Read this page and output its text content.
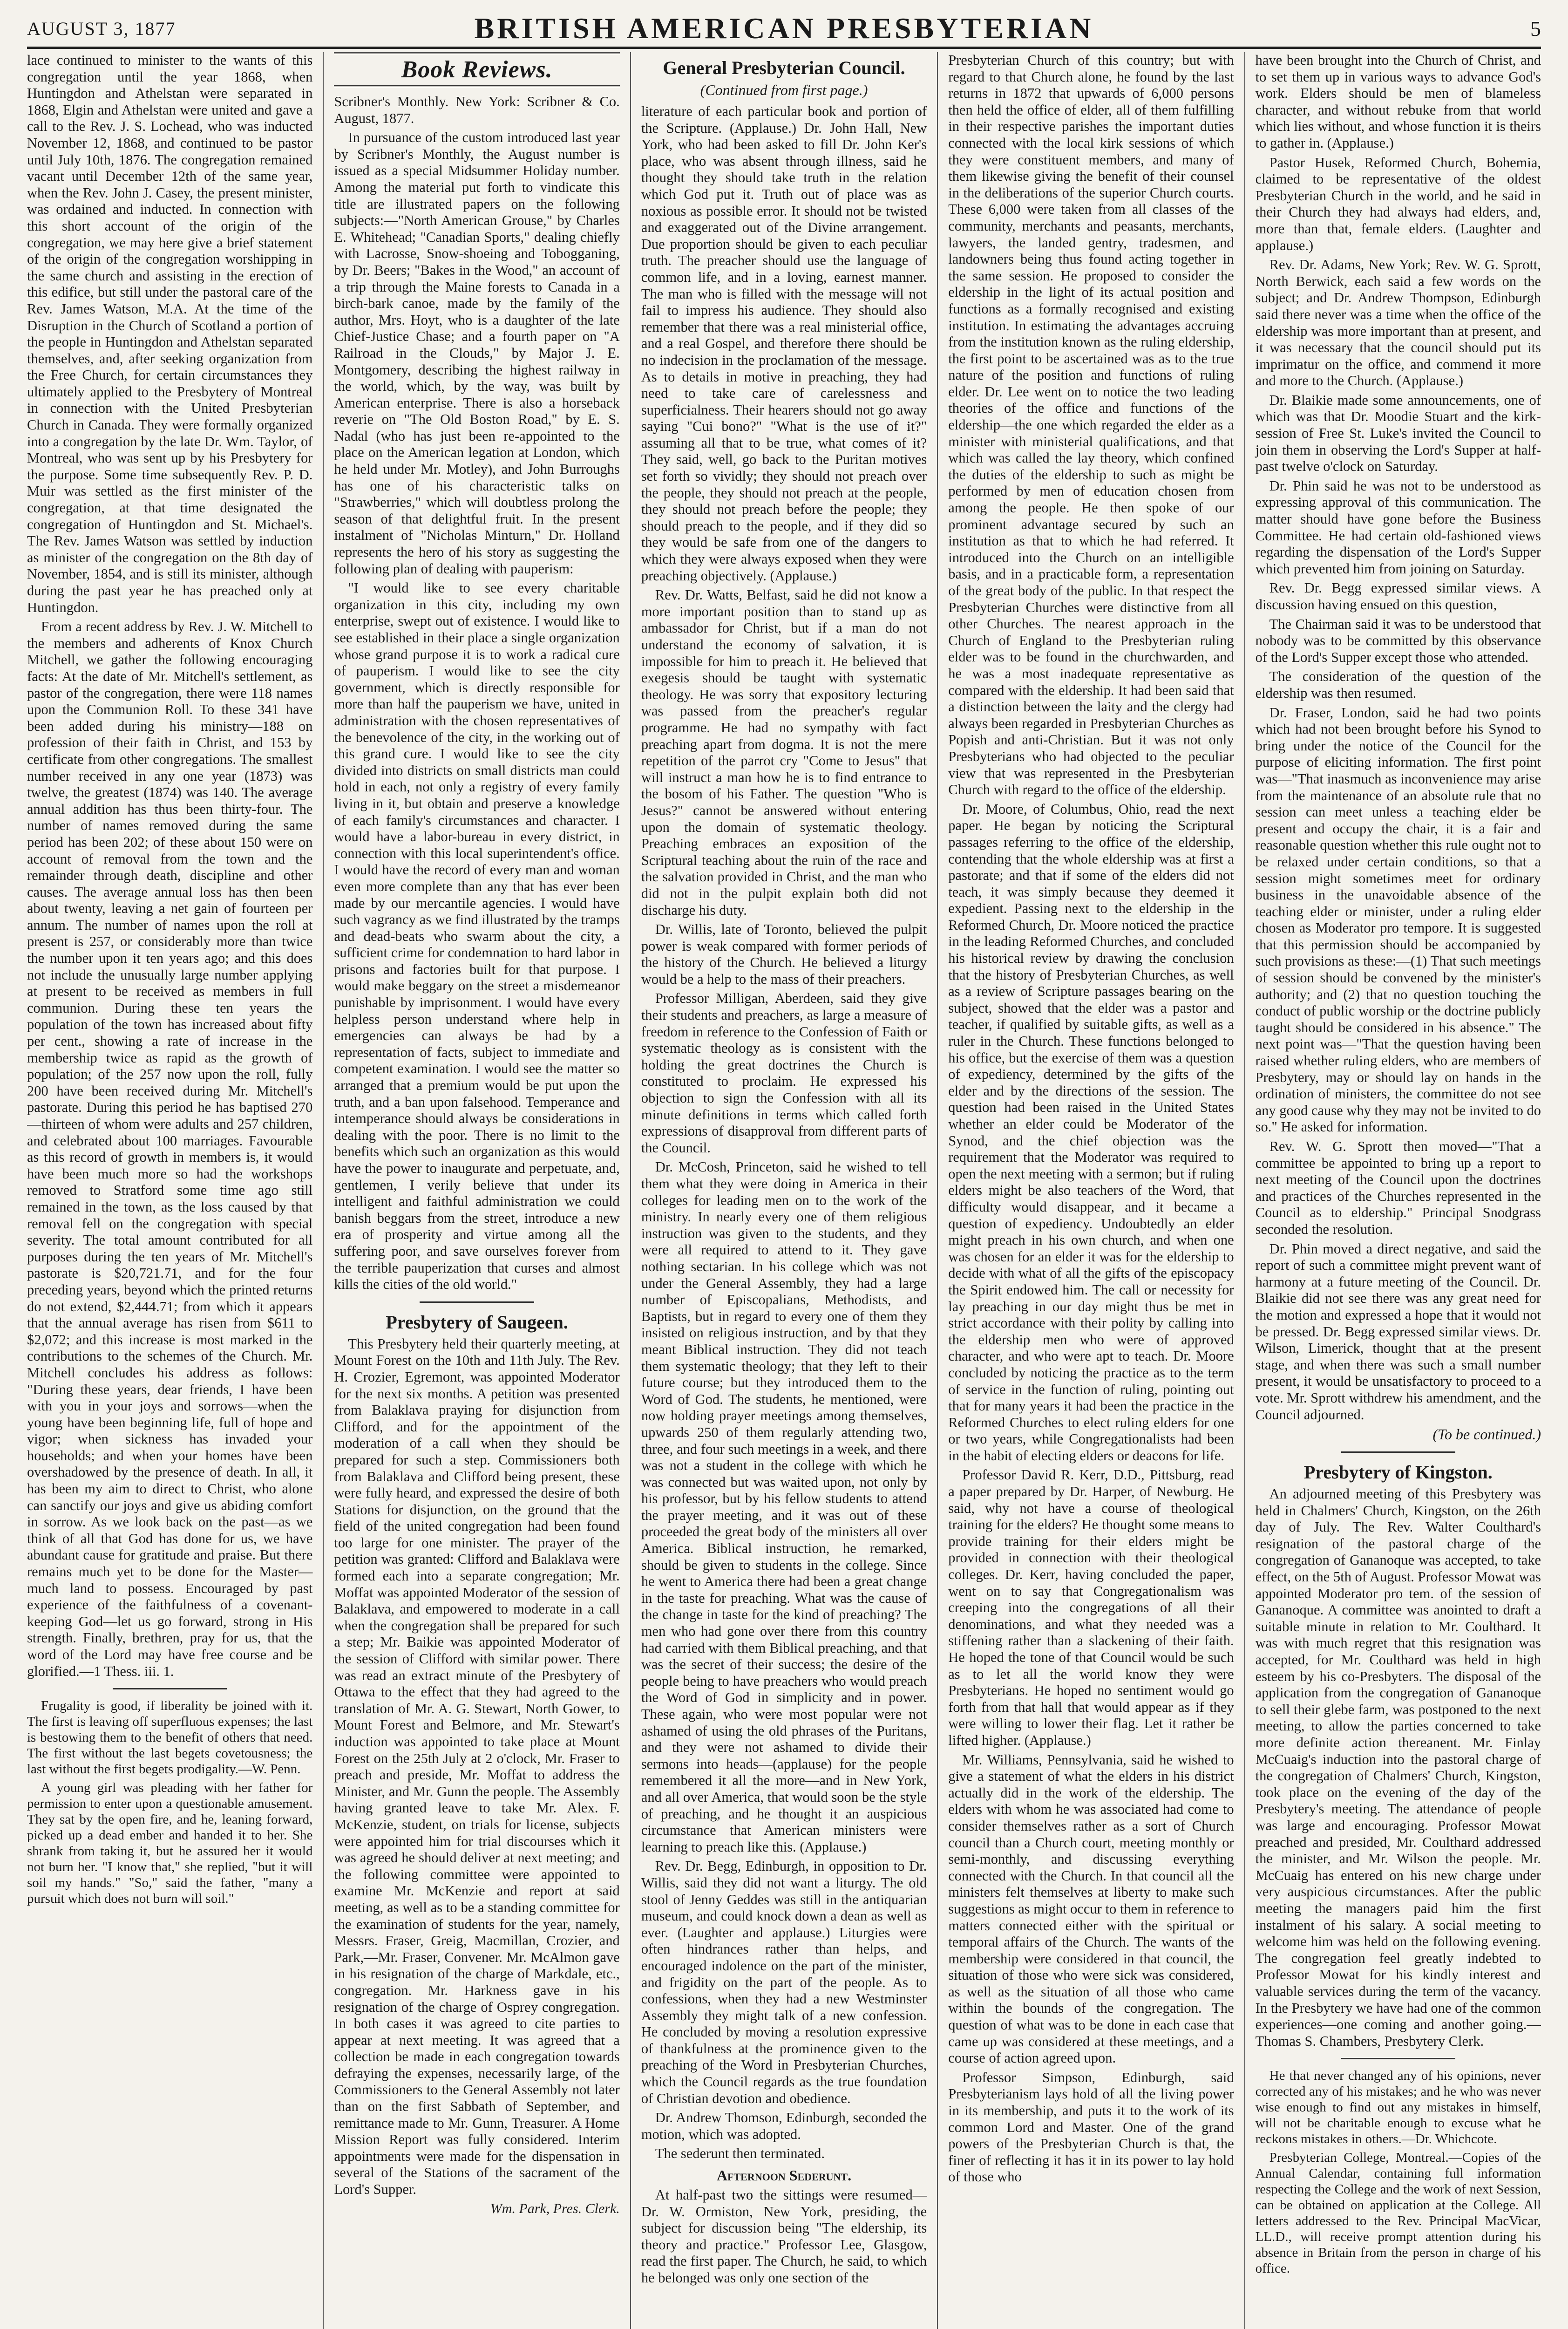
AUGUST 3, 1877	BRITISH AMERICAN PRESBYTERIAN	5

lace continued to minister to the wants of this congregation until the year 1868, when Huntingdon and Athelstan were separated in 1868, Elgin and Athelstan were united and gave a call to the Rev. J. S. Lochead, who was inducted November 12, 1868, and continued to be pastor until July 10th, 1876. The congregation remained vacant until December 12th of the same year, when the Rev. John J. Casey, the present minister, was ordained and inducted. In connection with this short account of the origin of the congregation, we may here give a brief statement of the origin of the congregation worshipping in the same church and assisting in the erection of this edifice, but still under the pastoral care of the Rev. James Watson, M.A. At the time of the Disruption in the Church of Scotland a portion of the people in Huntingdon and Athelstan separated themselves, and, after seeking organization from the Free Church, for certain circumstances they ultimately applied to the Presbytery of Montreal in connection with the United Presbyterian Church in Canada. They were formally organized into a congregation by the late Dr. Wm. Taylor, of Montreal, who was sent up by his Presbytery for the purpose. Some time subsequently Rev. P. D. Muir was settled as the first minister of the congregation, at that time designated the congregation of Huntingdon and St. Michael's. The Rev. James Watson was settled by induction as minister of the congregation on the 8th day of November, 1854, and is still its minister, although during the past year he has preached only at Huntingdon.

From a recent address by Rev. J. W. Mitchell to the members and adherents of Knox Church Mitchell, we gather the following encouraging facts: At the date of Mr. Mitchell's settlement, as pastor of the congregation, there were 118 names upon the Communion Roll. To these 341 have been added during his ministry—188 on profession of their faith in Christ, and 153 by certificate from other congregations. The smallest number received in any one year (1873) was twelve, the greatest (1874) was 140. The average annual addition has thus been thirty-four. The number of names removed during the same period has been 202; of these about 150 were on account of removal from the town and the remainder through death, discipline and other causes. The average annual loss has then been about twenty, leaving a net gain of fourteen per annum. The number of names upon the roll at present is 257, or considerably more than twice the number upon it ten years ago; and this does not include the unusually large number applying at present to be received as members in full communion. During these ten years the population of the town has increased about fifty per cent., showing a rate of increase in the membership twice as rapid as the growth of population; of the 257 now upon the roll, fully 200 have been received during Mr. Mitchell's pastorate. During this period he has baptised 270—thirteen of whom were adults and 257 children, and celebrated about 100 marriages. Favourable as this record of growth in members is, it would have been much more so had the workshops removed to Stratford some time ago still remained in the town, as the loss caused by that removal fell on the congregation with special severity. The total amount contributed for all purposes during the ten years of Mr. Mitchell's pastorate is $20,721.71, and for the four preceding years, beyond which the printed returns do not extend, $2,444.71; from which it appears that the annual average has risen from $611 to $2,072; and this increase is most marked in the contributions to the schemes of the Church. Mr. Mitchell concludes his address as follows: "During these years, dear friends, I have been with you in your joys and sorrows—when the young have been beginning life, full of hope and vigor; when sickness has invaded your households; and when your homes have been overshadowed by the presence of death. In all, it has been my aim to direct to Christ, who alone can sanctify our joys and give us abiding comfort in sorrow. As we look back on the past—as we think of all that God has done for us, we have abundant cause for gratitude and praise. But there remains much yet to be done for the Master—much land to possess. Encouraged by past experience of the faithfulness of a covenant-keeping God—let us go forward, strong in His strength. Finally, brethren, pray for us, that the word of the Lord may have free course and be glorified.—1 Thess. iii. 1.

Frugality is good, if liberality be joined with it. The first is leaving off superfluous expenses; the last is bestowing them to the benefit of others that need. The first without the last begets covetousness; the last without the first begets prodigality.—W. Penn.

A young girl was pleading with her father for permission to enter upon a questionable amusement. They sat by the open fire, and he, leaning forward, picked up a dead ember and handed it to her. She shrank from taking it, but he assured her it would not burn her. "I know that," she replied, "but it will soil my hands." "So," said the father, "many a pursuit which does not burn will soil."

Book Reviews.

Scribner's Monthly. New York: Scribner & Co. August, 1877.

In pursuance of the custom introduced last year by Scribner's Monthly, the August number is issued as a special Midsummer Holiday number. Among the material put forth to vindicate this title are illustrated papers on the following subjects:—"North American Grouse," by Charles E. Whitehead; "Canadian Sports," dealing chiefly with Lacrosse, Snow-shoeing and Tobogganing, by Dr. Beers; "Bakes in the Wood," an account of a trip through the Maine forests to Canada in a birch-bark canoe, made by the family of the author, Mrs. Hoyt, who is a daughter of the late Chief-Justice Chase; and a fourth paper on "A Railroad in the Clouds," by Major J. E. Montgomery, describing the highest railway in the world, which, by the way, was built by American enterprise. There is also a horseback reverie on "The Old Boston Road," by E. S. Nadal (who has just been re-appointed to the place on the American legation at London, which he held under Mr. Motley), and John Burroughs has one of his characteristic talks on "Strawberries," which will doubtless prolong the season of that delightful fruit. In the present instalment of "Nicholas Minturn," Dr. Holland represents the hero of his story as suggesting the following plan of dealing with pauperism:

"I would like to see every charitable organization in this city, including my own enterprise, swept out of existence. I would like to see established in their place a single organization whose grand purpose it is to work a radical cure of pauperism. I would like to see the city government, which is directly responsible for more than half the pauperism we have, united in administration with the chosen representatives of the benevolence of the city, in the working out of this grand cure. I would like to see the city divided into districts on small districts man could hold in each, not only a registry of every family living in it, but obtain and preserve a knowledge of each family's circumstances and character. I would have a labor-bureau in every district, in connection with this local superintendent's office. I would have the record of every man and woman even more complete than any that has ever been made by our mercantile agencies. I would have such vagrancy as we find illustrated by the tramps and dead-beats who swarm about the city, a sufficient crime for condemnation to hard labor in prisons and factories built for that purpose. I would make beggary on the street a misdemeanor punishable by imprisonment. I would have every helpless person understand where help in emergencies can always be had by a representation of facts, subject to immediate and competent examination. I would see the matter so arranged that a premium would be put upon the truth, and a ban upon falsehood. Temperance and intemperance should always be considerations in dealing with the poor. There is no limit to the benefits which such an organization as this would have the power to inaugurate and perpetuate, and, gentlemen, I verily believe that under its intelligent and faithful administration we could banish beggars from the street, introduce a new era of prosperity and virtue among all the suffering poor, and save ourselves forever from the terrible pauperization that curses and almost kills the cities of the old world."

Presbytery of Saugeen.

This Presbytery held their quarterly meeting, at Mount Forest on the 10th and 11th July. The Rev. H. Crozier, Egremont, was appointed Moderator for the next six months. A petition was presented from Balaklava praying for disjunction from Clifford, and for the appointment of the moderation of a call when they should be prepared for such a step. Commissioners both from Balaklava and Clifford being present, these were fully heard, and expressed the desire of both Stations for disjunction, on the ground that the field of the united congregation had been found too large for one minister. The prayer of the petition was granted: Clifford and Balaklava were formed each into a separate congregation; Mr. Moffat was appointed Moderator of the session of Balaklava, and empowered to moderate in a call when the congregation shall be prepared for such a step; Mr. Baikie was appointed Moderator of the session of Clifford with similar power. There was read an extract minute of the Presbytery of Ottawa to the effect that they had agreed to the translation of Mr. A. G. Stewart, North Gower, to Mount Forest and Belmore, and Mr. Stewart's induction was appointed to take place at Mount Forest on the 25th July at 2 o'clock, Mr. Fraser to preach and preside, Mr. Moffat to address the Minister, and Mr. Gunn the people. The Assembly having granted leave to take Mr. Alex. F. McKenzie, student, on trials for license, subjects were appointed him for trial discourses which it was agreed he should deliver at next meeting; and the following committee were appointed to examine Mr. McKenzie and report at said meeting, as well as to be a standing committee for the examination of students for the year, namely, Messrs. Fraser, Greig, Macmillan, Crozier, and Park,—Mr. Fraser, Convener. Mr. McAlmon gave in his resignation of the charge of Markdale, etc., congregation. Mr. Harkness gave in his resignation of the charge of Osprey congregation. In both cases it was agreed to cite parties to appear at next meeting. It was agreed that a collection be made in each congregation towards defraying the expenses, necessarily large, of the Commissioners to the General Assembly not later than on the first Sabbath of September, and remittance made to Mr. Gunn, Treasurer. A Home Mission Report was fully considered. Interim appointments were made for the dispensation in several of the Stations of the sacrament of the Lord's Supper.

Wm. Park, Pres. Clerk.
General Presbyterian Council.
(Continued from first page.)

literature of each particular book and portion of the Scripture. (Applause.) Dr. John Hall, New York, who had been asked to fill Dr. John Ker's place, who was absent through illness, said he thought they should take truth in the relation which God put it. Truth out of place was as noxious as possible error. It should not be twisted and exaggerated out of the Divine arrangement. Due proportion should be given to each peculiar truth. The preacher should use the language of common life, and in a loving, earnest manner. The man who is filled with the message will not fail to impress his audience. They should also remember that there was a real ministerial office, and a real Gospel, and therefore there should be no indecision in the proclamation of the message. As to details in motive in preaching, they had need to take care of carelessness and superficialness. Their hearers should not go away saying "Cui bono?" "What is the use of it?" assuming all that to be true, what comes of it? They said, well, go back to the Puritan motives set forth so vividly; they should not preach over the people, they should not preach at the people, they should not preach before the people; they should preach to the people, and if they did so they would be safe from one of the dangers to which they were always exposed when they were preaching objectively. (Applause.)

Rev. Dr. Watts, Belfast, said he did not know a more important position than to stand up as ambassador for Christ, but if a man do not understand the economy of salvation, it is impossible for him to preach it. He believed that exegesis should be taught with systematic theology. He was sorry that expository lecturing was passed from the preacher's regular programme. He had no sympathy with fact preaching apart from dogma. It is not the mere repetition of the parrot cry "Come to Jesus" that will instruct a man how he is to find entrance to the bosom of his Father. The question "Who is Jesus?" cannot be answered without entering upon the domain of systematic theology. Preaching embraces an exposition of the Scriptural teaching about the ruin of the race and the salvation provided in Christ, and the man who did not in the pulpit explain both did not discharge his duty.

Dr. Willis, late of Toronto, believed the pulpit power is weak compared with former periods of the history of the Church. He believed a liturgy would be a help to the mass of their preachers.

Professor Milligan, Aberdeen, said they give their students and preachers, as large a measure of freedom in reference to the Confession of Faith or systematic theology as is consistent with the holding the great doctrines the Church is constituted to proclaim. He expressed his objection to sign the Confession with all its minute definitions in terms which called forth expressions of disapproval from different parts of the Council.

Dr. McCosh, Princeton, said he wished to tell them what they were doing in America in their colleges for leading men on to the work of the ministry. In nearly every one of them religious instruction was given to the students, and they were all required to attend to it. They gave nothing sectarian. In his college which was not under the General Assembly, they had a large number of Episcopalians, Methodists, and Baptists, but in regard to every one of them they insisted on religious instruction, and by that they meant Biblical instruction. They did not teach them systematic theology; that they left to their future course; but they introduced them to the Word of God. The students, he mentioned, were now holding prayer meetings among themselves, upwards 250 of them regularly attending two, three, and four such meetings in a week, and there was not a student in the college with which he was connected but was waited upon, not only by his professor, but by his fellow students to attend the prayer meeting, and it was out of these proceeded the great body of the ministers all over America. Biblical instruction, he remarked, should be given to students in the college. Since he went to America there had been a great change in the taste for preaching. What was the cause of the change in taste for the kind of preaching? The men who had gone over there from this country had carried with them Biblical preaching, and that was the secret of their success; the desire of the people being to have preachers who would preach the Word of God in simplicity and in power. These again, who were most popular were not ashamed of using the old phrases of the Puritans, and they were not ashamed to divide their sermons into heads—(applause) for the people remembered it all the more—and in New York, and all over America, that would soon be the style of preaching, and he thought it an auspicious circumstance that American ministers were learning to preach like this. (Applause.)

Rev. Dr. Begg, Edinburgh, in opposition to Dr. Willis, said they did not want a liturgy. The old stool of Jenny Geddes was still in the antiquarian museum, and could knock down a dean as well as ever. (Laughter and applause.) Liturgies were often hindrances rather than helps, and encouraged indolence on the part of the minister, and frigidity on the part of the people. As to confessions, when they had a new Westminster Assembly they might talk of a new confession. He concluded by moving a resolution expressive of thankfulness at the prominence given to the preaching of the Word in Presbyterian Churches, which the Council regards as the true foundation of Christian devotion and obedience.

Dr. Andrew Thomson, Edinburgh, seconded the motion, which was adopted.

The sederunt then terminated.

Afternoon Sederunt.

At half-past two the sittings were resumed—Dr. W. Ormiston, New York, presiding, the subject for discussion being "The eldership, its theory and practice." Professor Lee, Glasgow, read the first paper. The Church, he said, to which he belonged was only one section of the

Presbyterian Church of this country; but with regard to that Church alone, he found by the last returns in 1872 that upwards of 6,000 persons then held the office of elder, all of them fulfilling in their respective parishes the important duties connected with the local kirk sessions of which they were constituent members, and many of them likewise giving the benefit of their counsel in the deliberations of the superior Church courts. These 6,000 were taken from all classes of the community, merchants and peasants, merchants, lawyers, the landed gentry, tradesmen, and landowners being thus found acting together in the same session. He proposed to consider the eldership in the light of its actual position and functions as a formally recognised and existing institution. In estimating the advantages accruing from the institution known as the ruling eldership, the first point to be ascertained was as to the true nature of the position and functions of ruling elder. Dr. Lee went on to notice the two leading theories of the office and functions of the eldership—the one which regarded the elder as a minister with ministerial qualifications, and that which was called the lay theory, which confined the duties of the eldership to such as might be performed by men of education chosen from among the people. He then spoke of our prominent advantage secured by such an institution as that to which he had referred. It introduced into the Church on an intelligible basis, and in a practicable form, a representation of the great body of the public. In that respect the Presbyterian Churches were distinctive from all other Churches. The nearest approach in the Church of England to the Presbyterian ruling elder was to be found in the churchwarden, and he was a most inadequate representative as compared with the eldership. It had been said that a distinction between the laity and the clergy had always been regarded in Presbyterian Churches as Popish and anti-Christian. But it was not only Presbyterians who had objected to the peculiar view that was represented in the Presbyterian Church with regard to the office of the eldership.

Dr. Moore, of Columbus, Ohio, read the next paper. He began by noticing the Scriptural passages referring to the office of the eldership, contending that the whole eldership was at first a pastorate; and that if some of the elders did not teach, it was simply because they deemed it expedient. Passing next to the eldership in the Reformed Church, Dr. Moore noticed the practice in the leading Reformed Churches, and concluded his historical review by drawing the conclusion that the history of Presbyterian Churches, as well as a review of Scripture passages bearing on the subject, showed that the elder was a pastor and teacher, if qualified by suitable gifts, as well as a ruler in the Church. These functions belonged to his office, but the exercise of them was a question of expediency, determined by the gifts of the elder and by the directions of the session. The question had been raised in the United States whether an elder could be Moderator of the Synod, and the chief objection was the requirement that the Moderator was required to open the next meeting with a sermon; but if ruling elders might be also teachers of the Word, that difficulty would disappear, and it became a question of expediency. Undoubtedly an elder might preach in his own church, and when one was chosen for an elder it was for the eldership to decide with what of all the gifts of the episcopacy the Spirit endowed him. The call or necessity for lay preaching in our day might thus be met in strict accordance with their polity by calling into the eldership men who were of approved character, and who were apt to teach. Dr. Moore concluded by noticing the practice as to the term of service in the function of ruling, pointing out that for many years it had been the practice in the Reformed Churches to elect ruling elders for one or two years, while Congregationalists had been in the habit of electing elders or deacons for life.

Professor David R. Kerr, D.D., Pittsburg, read a paper prepared by Dr. Harper, of Newburg. He said, why not have a course of theological training for the elders? He thought some means to provide training for their elders might be provided in connection with their theological colleges. Dr. Kerr, having concluded the paper, went on to say that Congregationalism was creeping into the congregations of all their denominations, and what they needed was a stiffening rather than a slackening of their faith. He hoped the tone of that Council would be such as to let all the world know they were Presbyterians. He hoped no sentiment would go forth from that hall that would appear as if they were willing to lower their flag. Let it rather be lifted higher. (Applause.)

Mr. Williams, Pennsylvania, said he wished to give a statement of what the elders in his district actually did in the work of the eldership. The elders with whom he was associated had come to consider themselves rather as a sort of Church council than a Church court, meeting monthly or semi-monthly, and discussing everything connected with the Church. In that council all the ministers felt themselves at liberty to make such suggestions as might occur to them in reference to matters connected either with the spiritual or temporal affairs of the Church. The wants of the membership were considered in that council, the situation of those who were sick was considered, as well as the situation of all those who came within the bounds of the congregation. The question of what was to be done in each case that came up was considered at these meetings, and a course of action agreed upon.

Professor Simpson, Edinburgh, said Presbyterianism lays hold of all the living power in its membership, and puts it to the work of its common Lord and Master. One of the grand powers of the Presbyterian Church is that, the finer of reflecting it has it in its power to lay hold of those who

have been brought into the Church of Christ, and to set them up in various ways to advance God's work. Elders should be men of blameless character, and without rebuke from that world which lies without, and whose function it is theirs to gather in. (Applause.)

Pastor Husek, Reformed Church, Bohemia, claimed to be representative of the oldest Presbyterian Church in the world, and he said in their Church they had always had elders, and, more than that, female elders. (Laughter and applause.)

Rev. Dr. Adams, New York; Rev. W. G. Sprott, North Berwick, each said a few words on the subject; and Dr. Andrew Thompson, Edinburgh said there never was a time when the office of the eldership was more important than at present, and it was necessary that the council should put its imprimatur on the office, and commend it more and more to the Church. (Applause.)

Dr. Blaikie made some announcements, one of which was that Dr. Moodie Stuart and the kirk-session of Free St. Luke's invited the Council to join them in observing the Lord's Supper at half-past twelve o'clock on Saturday.

Dr. Phin said he was not to be understood as expressing approval of this communication. The matter should have gone before the Business Committee. He had certain old-fashioned views regarding the dispensation of the Lord's Supper which prevented him from joining on Saturday.

Rev. Dr. Begg expressed similar views. A discussion having ensued on this question,

The Chairman said it was to be understood that nobody was to be committed by this observance of the Lord's Supper except those who attended.

The consideration of the question of the eldership was then resumed.

Dr. Fraser, London, said he had two points which had not been brought before his Synod to bring under the notice of the Council for the purpose of eliciting information. The first point was—"That inasmuch as inconvenience may arise from the maintenance of an absolute rule that no session can meet unless a teaching elder be present and occupy the chair, it is a fair and reasonable question whether this rule ought not to be relaxed under certain conditions, so that a session might sometimes meet for ordinary business in the unavoidable absence of the teaching elder or minister, under a ruling elder chosen as Moderator pro tempore. It is suggested that this permission should be accompanied by such provisions as these:—(1) That such meetings of session should be convened by the minister's authority; and (2) that no question touching the conduct of public worship or the doctrine publicly taught should be considered in his absence." The next point was—"That the question having been raised whether ruling elders, who are members of Presbytery, may or should lay on hands in the ordination of ministers, the committee do not see any good cause why they may not be invited to do so." He asked for information.

Rev. W. G. Sprott then moved—"That a committee be appointed to bring up a report to next meeting of the Council upon the doctrines and practices of the Churches represented in the Council as to eldership." Principal Snodgrass seconded the resolution.

Dr. Phin moved a direct negative, and said the report of such a committee might prevent want of harmony at a future meeting of the Council. Dr. Blaikie did not see there was any great need for the motion and expressed a hope that it would not be pressed. Dr. Begg expressed similar views. Dr. Wilson, Limerick, thought that at the present stage, and when there was such a small number present, it would be unsatisfactory to proceed to a vote. Mr. Sprott withdrew his amendment, and the Council adjourned.

(To be continued.)
Presbytery of Kingston.

An adjourned meeting of this Presbytery was held in Chalmers' Church, Kingston, on the 26th day of July. The Rev. Walter Coulthard's resignation of the pastoral charge of the congregation of Gananoque was accepted, to take effect, on the 5th of August. Professor Mowat was appointed Moderator pro tem. of the session of Gananoque. A committee was anointed to draft a suitable minute in relation to Mr. Coulthard. It was with much regret that this resignation was accepted, for Mr. Coulthard was held in high esteem by his co-Presbyters. The disposal of the application from the congregation of Gananoque to sell their glebe farm, was postponed to the next meeting, to allow the parties concerned to take more definite action thereanent. Mr. Finlay McCuaig's induction into the pastoral charge of the congregation of Chalmers' Church, Kingston, took place on the evening of the day of the Presbytery's meeting. The attendance of people was large and encouraging. Professor Mowat preached and presided, Mr. Coulthard addressed the minister, and Mr. Wilson the people. Mr. McCuaig has entered on his new charge under very auspicious circumstances. After the public meeting the managers paid him the first instalment of his salary. A social meeting to welcome him was held on the following evening. The congregation feel greatly indebted to Professor Mowat for his kindly interest and valuable services during the term of the vacancy. In the Presbytery we have had one of the common experiences—one coming and another going.—Thomas S. Chambers, Presbytery Clerk.

He that never changed any of his opinions, never corrected any of his mistakes; and he who was never wise enough to find out any mistakes in himself, will not be charitable enough to excuse what he reckons mistakes in others.—Dr. Whichcote.

Presbyterian College, Montreal.—Copies of the Annual Calendar, containing full information respecting the College and the work of next Session, can be obtained on application at the College. All letters addressed to the Rev. Principal MacVicar, LL.D., will receive prompt attention during his absence in Britain from the person in charge of his office.
